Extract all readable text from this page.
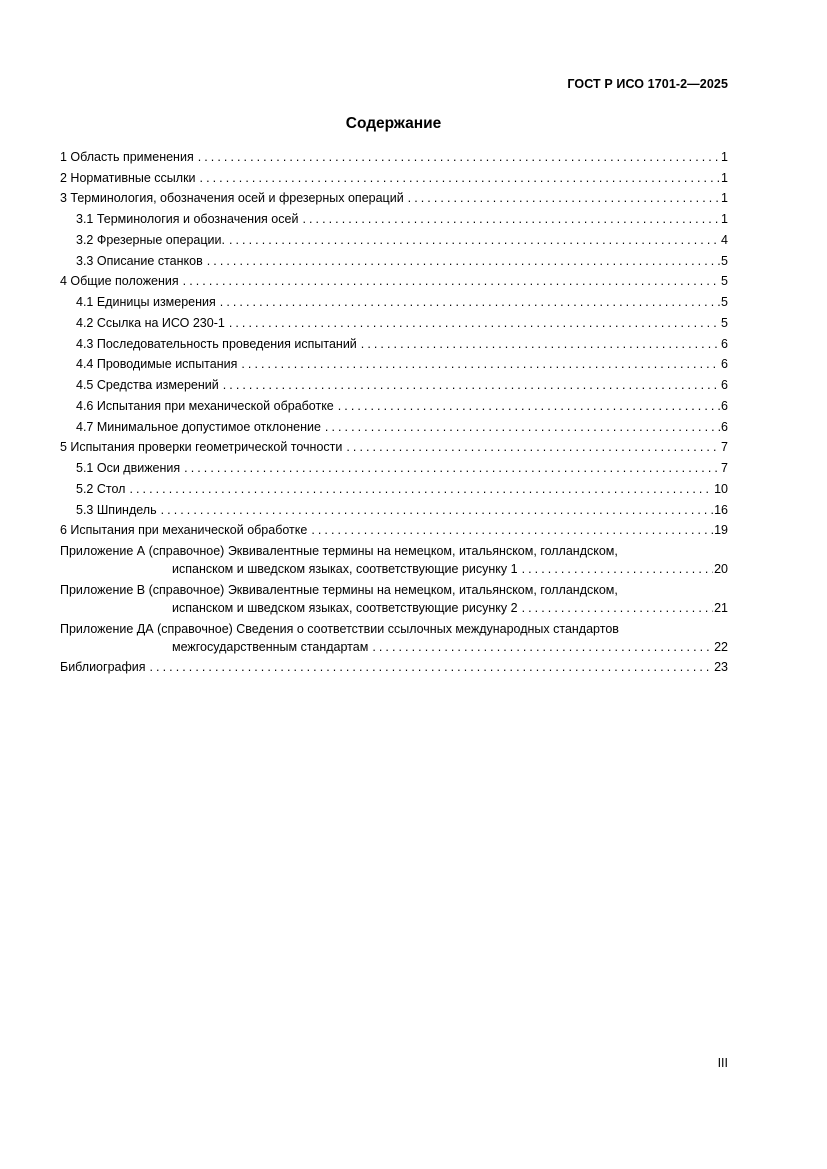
ГОСТ Р ИСО 1701-2—2025
Содержание
1 Область применения . . .	1
2 Нормативные ссылки . . .	1
3 Терминология, обозначения осей и фрезерных операций . . .	1
3.1 Терминология и обозначения осей . . .	1
3.2 Фрезерные операции. . . .	4
3.3 Описание станков . . .	5
4 Общие положения . . .	5
4.1 Единицы измерения . . .	5
4.2 Ссылка на ИСО 230-1 . . .	5
4.3 Последовательность проведения испытаний . . .	6
4.4 Проводимые испытания . . .	6
4.5 Средства измерений . . .	6
4.6 Испытания при механической обработке . . .	6
4.7 Минимальное допустимое отклонение . . .	6
5 Испытания проверки геометрической точности . . .	7
5.1 Оси движения . . .	7
5.2 Стол . . .	10
5.3 Шпиндель . . .	16
6 Испытания при механической обработке . . .	19
Приложение А (справочное) Эквивалентные термины на немецком, итальянском, голландском,
испанском и шведском языках, соответствующие рисунку 1 . . .	20
Приложение В (справочное) Эквивалентные термины на немецком, итальянском, голландском,
испанском и шведском языках, соответствующие рисунку 2 . . .	21
Приложение ДА (справочное) Сведения о соответствии ссылочных международных стандартов
межгосударственным стандартам . . .	22
Библиография . . .	23
III
